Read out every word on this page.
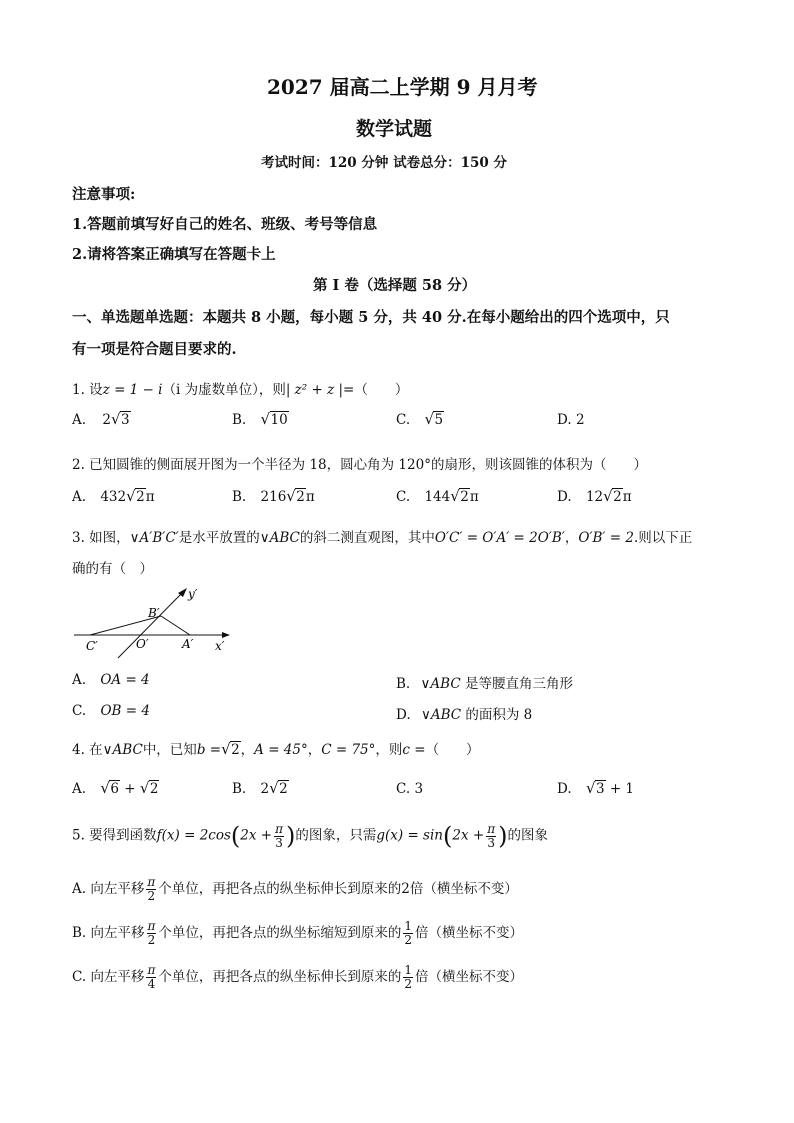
2027 届高二上学期 9 月月考
数学试题
考试时间：120 分钟 试卷总分：150 分
注意事项:
1.答题前填写好自己的姓名、班级、考号等信息
2.请将答案正确填写在答题卡上
第 I 卷（选择题 58 分）
一、单选题单选题：本题共 8 小题，每小题 5 分，共 40 分.在每小题给出的四个选项中，只
有一项是符合题目要求的.
1. 设z = 1 − i（i 为虚数单位），则| z² + z |=（　　）
A. 2 √ 3	B. √ 10	C. √ 5	D. 2
2. 已知圆锥的侧面展开图为一个半径为 18，圆心角为 120°的扇形，则该圆锥的体积为（　　）
A. 432 √ 2π	B. 216 √ 2π	C. 144 √ 2π	D. 12 √ 2π
3. 如图，∨A′B′C′是水平放置的∨ABC的斜二测直观图，其中O′C′ = O′A′ = 2O′B′，O′B′ = 2.则以下正
确的有（　）
y′
x′
B′
C′	O′	A′
A. OA = 4	B. ∨ABC 是等腰直角三角形
C. OB = 4	D. ∨ABC 的面积为 8
4. 在∨ABC中，已知b = √ 2，A = 45°，C = 75°，则c =（　　）
A. √ 6 + √ 2	B. 2 √ 2	C. 3	D. √ 3 + 1
5. 要得到函数$f(x) = 2\cos(2x + \frac{\pi}{3}$ )的图象，只需$g(x) = \sin(2x + \frac{\pi}{3}$ )的图象
A. 向左平移 $\frac{\pi}{2}$ 个单位，再把各点的纵坐标伸长到原来的2倍（横坐标不变）
B. 向左平移 $\frac{\pi}{2}$ 个单位，再把各点的纵坐标缩短到原来的 $\frac{1}{2}$ 倍（横坐标不变）
C. 向左平移 $\frac{\pi}{4}$ 个单位，再把各点的纵坐标伸长到原来的 $\frac{1}{2}$ 倍（横坐标不变）
